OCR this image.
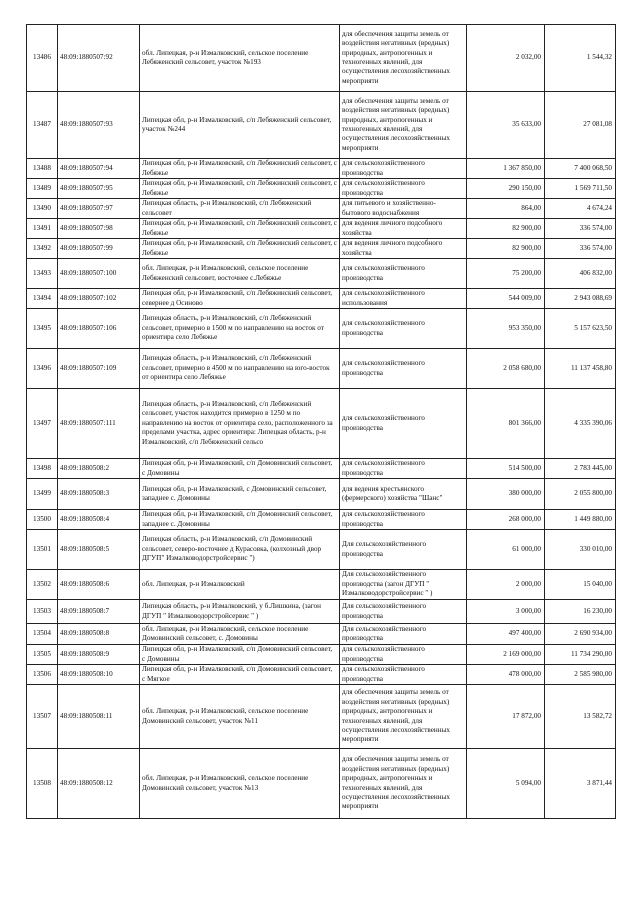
13486	48:09:1880507:92	обл. Липецкая, р-н Измалковский, сельское поселение Лебяженский сельсовет, участок №193	для обеспечения защиты земель от воздействия негативных (вредных) природных, антропогенных и техногенных явлений, для осуществления лесохозяйственных мероприяти	2 032,00	1 544,32
13487	48:09:1880507:93	Липецкая обл, р-н Измалковский, с/п Лебяженский сельсовет, участок №244	для обеспечения защиты земель от воздействия негативных (вредных) природных, антропогенных и техногенных явлений, для осуществления лесохозяйственных мероприяти	35 633,00	27 081,08
13488	48:09:1880507:94	Липецкая обл, р-н Измалковский, с/п Лебяжинский сельсовет, с Лебяжье	для сельскохозяйственного производства	1 367 850,00	7 400 068,50
13489	48:09:1880507:95	Липецкая обл, р-н Измалковский, с/п Лебяжинский сельсовет, с Лебяжье	для сельскохозяйственного производства	290 150,00	1 569 711,50
13490	48:09:1880507:97	Липецкая область, р-н Измалковский, с/п Лебяженский сельсовет	для питьевого и хозяйственно-бытового водоснабжения	864,00	4 674,24
13491	48:09:1880507:98	Липецкая обл, р-н Измалковский, с/п Лебяжинский сельсовет, с Лебяжье	для ведения личного подсобного хозяйства	82 900,00	336 574,00
13492	48:09:1880507:99	Липецкая обл, р-н Измалковский, с/п Лебяжинский сельсовет, с Лебяжье	для ведения личного подсобного хозяйства	82 900,00	336 574,00
13493	48:09:1880507:100	обл. Липецкая, р-н Измалковский, сельское поселение Лебяженский сельсовет, восточнее с.Лебяжье	для сельскохозяйственного производства	75 200,00	406 832,00
13494	48:09:1880507:102	Липецкая обл, р-н Измалковский, с/п Лебяжинский сельсовет, севернее д Осиново	для сельскохозяйственного использования	544 009,00	2 943 088,69
13495	48:09:1880507:106	Липецкая область, р-н Измалковский, с/п Лебяженский сельсовет, примерно в 1500 м по направлению на восток от ориентира село Лебяжье	для сельскохозяйственного производства	953 350,00	5 157 623,50
13496	48:09:1880507:109	Липецкая область, р-н Измалковский, с/п Лебяженский сельсовет, примерно в 4500 м по направлению на юго-восток от ориентира село Лебяжье	для сельскохозяйственного производства	2 058 680,00	11 137 458,80
13497	48:09:1880507:111	Липецкая область, р-н Измалковский, с/п Лебяженский сельсовет, участок находится примерно в 1250 м по направлению на восток от ориентира село, расположенного за пределами участка, адрес ориентира: Липецкая область, р-н Измалковский, с/п Лебяженский сельсо	для сельскохозяйственного производства	801 366,00	4 335 390,06
13498	48:09:1880508:2	Липецкая обл, р-н Измалковский, с/п Домовинский сельсовет, с Домовины	для сельскохозяйственного производства	514 500,00	2 783 445,00
13499	48:09:1880508:3	Липецкая обл, р-н Измалковский, с Домовинский сельсовет, западнее с. Домовины	для ведения крестьянского (фермерского) хозяйства "Шанс"	380 000,00	2 055 800,00
13500	48:09:1880508:4	Липецкая обл, р-н Измалковский, с/п Домовинский сельсовет, западнее с. Домовины	для сельскохозяйственного производства	268 000,00	1 449 880,00
13501	48:09:1880508:5	Липецкая область, р-н Измалковский, с/п Домовинский сельсовет, северо-восточнее д Курасовка, (колхозный двор ДГУП" Измалководорстройсервис ")	Для сельскохозяйственного производства	61 000,00	330 010,00
13502	48:09:1880508:6	обл. Липецкая, р-н Измалковский	Для сельскохозяйственного производства (загон ДГУП " Измалководорстройсервис " )	2 000,00	15 040,00
13503	48:09:1880508:7	Липецкая область, р-н Измалковский, у б.Лишкина, (загон ДГУП " Измалководорстройсервис " )	Для сельскохозяйственного производства	3 000,00	16 230,00
13504	48:09:1880508:8	обл. Липецкая, р-н Измалковский, сельское поселение Домовинский сельсовет, с. Домовины	Для сельскохозяйственного производства	497 400,00	2 690 934,00
13505	48:09:1880508:9	Липецкая обл, р-н Измалковский, с/п Домовинский сельсовет, с Домовины	для сельскохозяйственного производства	2 169 000,00	11 734 290,00
13506	48:09:1880508:10	Липецкая обл, р-н Измалковский, с/п Домовинский сельсовет, с Мягкое	для сельскохозяйственного производства	478 000,00	2 585 980,00
13507	48:09:1880508:11	обл. Липецкая, р-н Измалковский, сельское поселение Домовинский сельсовет, участок №11	для обеспечения защиты земель от воздействия негативных (вредных) природных, антропогенных и техногенных явлений, для осуществления лесохозяйственных мероприяти	17 872,00	13 582,72
13508	48:09:1880508:12	обл. Липецкая, р-н Измалковский, сельское поселение Домовинский сельсовет, участок №13	для обеспечения защиты земель от воздействия негативных (вредных) природных, антропогенных и техногенных явлений, для осуществления лесохозяйственных мероприяти	5 094,00	3 871,44
